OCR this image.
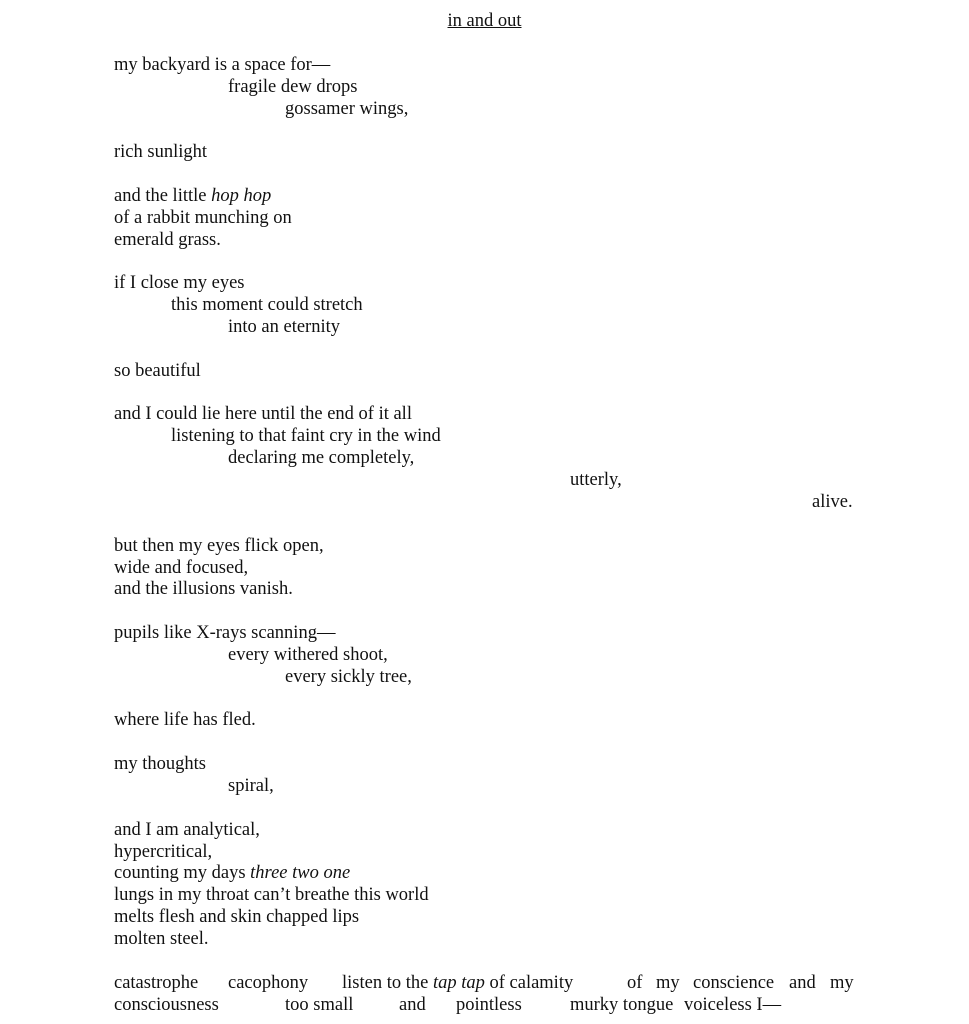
in and out
my backyard is a space for—
fragile dew drops
gossamer wings,
rich sunlight
and the little hop hop
of a rabbit munching on
emerald grass.
if I close my eyes
this moment could stretch
into an eternity
so beautiful
and I could lie here until the end of it all
listening to that faint cry in the wind
declaring me completely,
utterly,
alive.
but then my eyes flick open,
wide and focused,
and the illusions vanish.
pupils like X-rays scanning—
every withered shoot,
every sickly tree,
where life has fled.
my thoughts
spiral,
and I am analytical,
hypercritical,
counting my days three two one
lungs in my throat can’t breathe this world
melts flesh and skin chapped lips
molten steel.
catastrophe cacophony listen to the tap tap of calamity	of my conscience and my
consciousness	too small and pointless	murky tongue voiceless I—
